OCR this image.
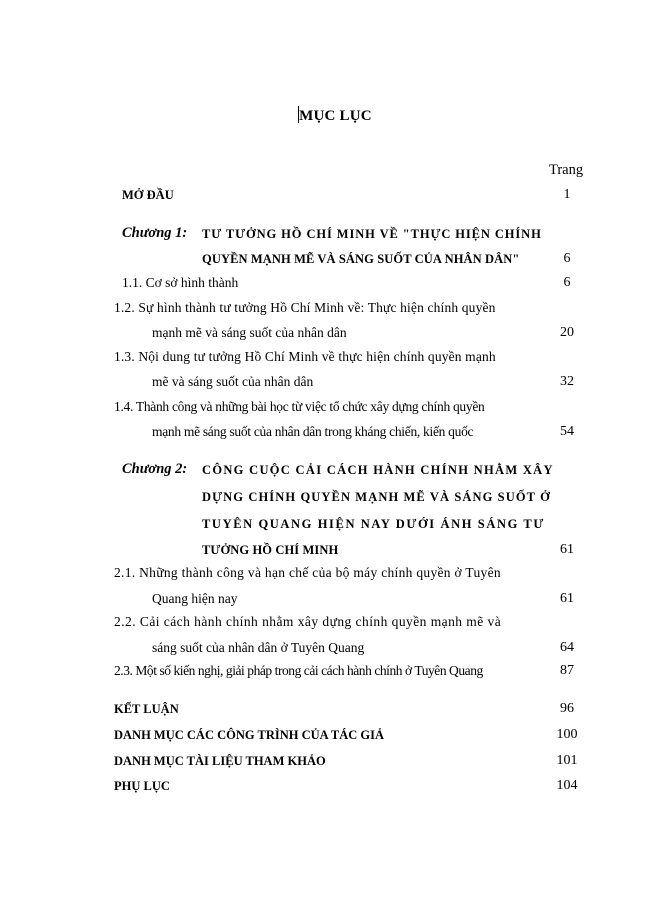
MỤC LỤC
Trang
MỞ ĐẦU	1
Chương 1: TƯ TƯỞNG HỒ CHÍ MINH VỀ "THỰC HIỆN CHÍNH
QUYỀN MẠNH MẼ VÀ SÁNG SUỐT CỦA NHÂN DÂN"	6
1.1. Cơ sở hình thành	6
1.2. Sự hình thành tư tưởng Hồ Chí Minh về: Thực hiện chính quyền
mạnh mẽ và sáng suốt của nhân dân	20
1.3. Nội dung tư tưởng Hồ Chí Minh về thực hiện chính quyền mạnh
mẽ và sáng suốt của nhân dân	32
1.4. Thành công và những bài học từ việc tổ chức xây dựng chính quyền
mạnh mẽ sáng suốt của nhân dân trong kháng chiến, kiến quốc	54
Chương 2: CÔNG CUỘC CẢI CÁCH HÀNH CHÍNH NHẰM XÂY
DỰNG CHÍNH QUYỀN MẠNH MẼ VÀ SÁNG SUỐT Ở
TUYÊN QUANG HIỆN NAY DƯỚI ÁNH SÁNG TƯ
TƯỞNG HỒ CHÍ MINH	61
2.1. Những thành công và hạn chế của bộ máy chính quyền ở Tuyên
Quang hiện nay	61
2.2. Cải cách hành chính nhằm xây dựng chính quyền mạnh mẽ và
sáng suốt của nhân dân ở Tuyên Quang	64
2.3. Một số kiến nghị, giải pháp trong cải cách hành chính ở Tuyên Quang	87
KẾT LUẬN	96
DANH MỤC CÁC CÔNG TRÌNH CỦA TÁC GIẢ	100
DANH MỤC TÀI LIỆU THAM KHẢO	101
PHỤ LỤC	104
